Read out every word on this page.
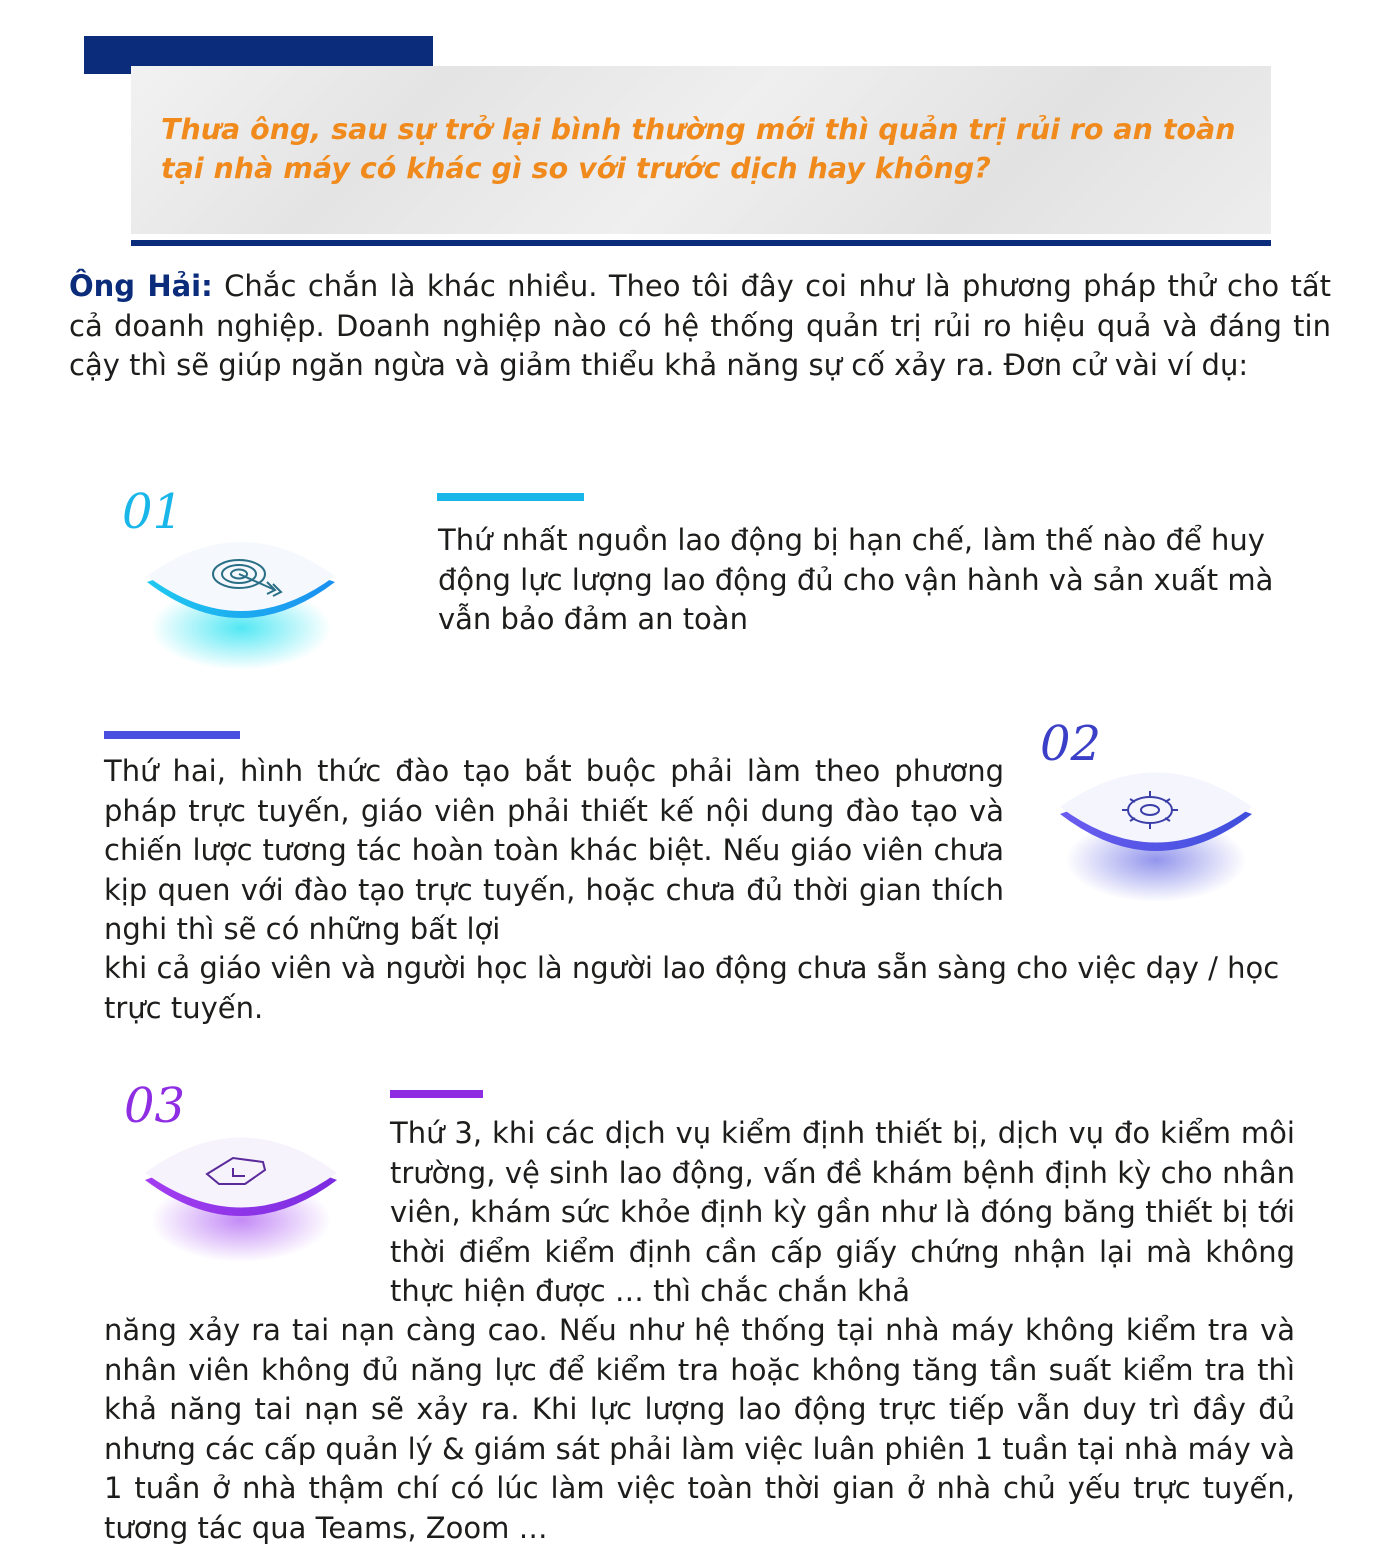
Thưa ông, sau sự trở lại bình thường mới thì quản trị rủi ro an toàn tại nhà máy có khác gì so với trước dịch hay không?
Ông Hải: Chắc chắn là khác nhiều. Theo tôi đây coi như là phương pháp thử cho tất cả doanh nghiệp. Doanh nghiệp nào có hệ thống quản trị rủi ro hiệu quả và đáng tin cậy thì sẽ giúp ngăn ngừa và giảm thiểu khả năng sự cố xảy ra. Đơn cử vài ví dụ:
01	Thứ nhất nguồn lao động bị hạn chế, làm thế nào để huy động lực lượng lao động đủ cho vận hành và sản xuất mà vẫn bảo đảm an toàn
02
Thứ hai, hình thức đào tạo bắt buộc phải làm theo phương pháp trực tuyến, giáo viên phải thiết kế nội dung đào tạo và chiến lược tương tác hoàn toàn khác biệt. Nếu giáo viên chưa kịp quen với đào tạo trực tuyến, hoặc chưa đủ thời gian thích nghi thì sẽ có những bất lợi
khi cả giáo viên và người học là người lao động chưa sẵn sàng cho việc dạy / học trực tuyến.
03	Thứ 3, khi các dịch vụ kiểm định thiết bị, dịch vụ đo kiểm môi trường, vệ sinh lao động, vấn đề khám bệnh định kỳ cho nhân viên, khám sức khỏe định kỳ gần như là đóng băng thiết bị tới thời điểm kiểm định cần cấp giấy chứng nhận lại mà không thực hiện được … thì chắc chắn khả
năng xảy ra tai nạn càng cao. Nếu như hệ thống tại nhà máy không kiểm tra và nhân viên không đủ năng lực để kiểm tra hoặc không tăng tần suất kiểm tra thì khả năng tai nạn sẽ xảy ra. Khi lực lượng lao động trực tiếp vẫn duy trì đầy đủ nhưng các cấp quản lý & giám sát phải làm việc luân phiên 1 tuần tại nhà máy và 1 tuần ở nhà thậm chí có lúc làm việc toàn thời gian ở nhà chủ yếu trực tuyến, tương tác qua Teams, Zoom …
